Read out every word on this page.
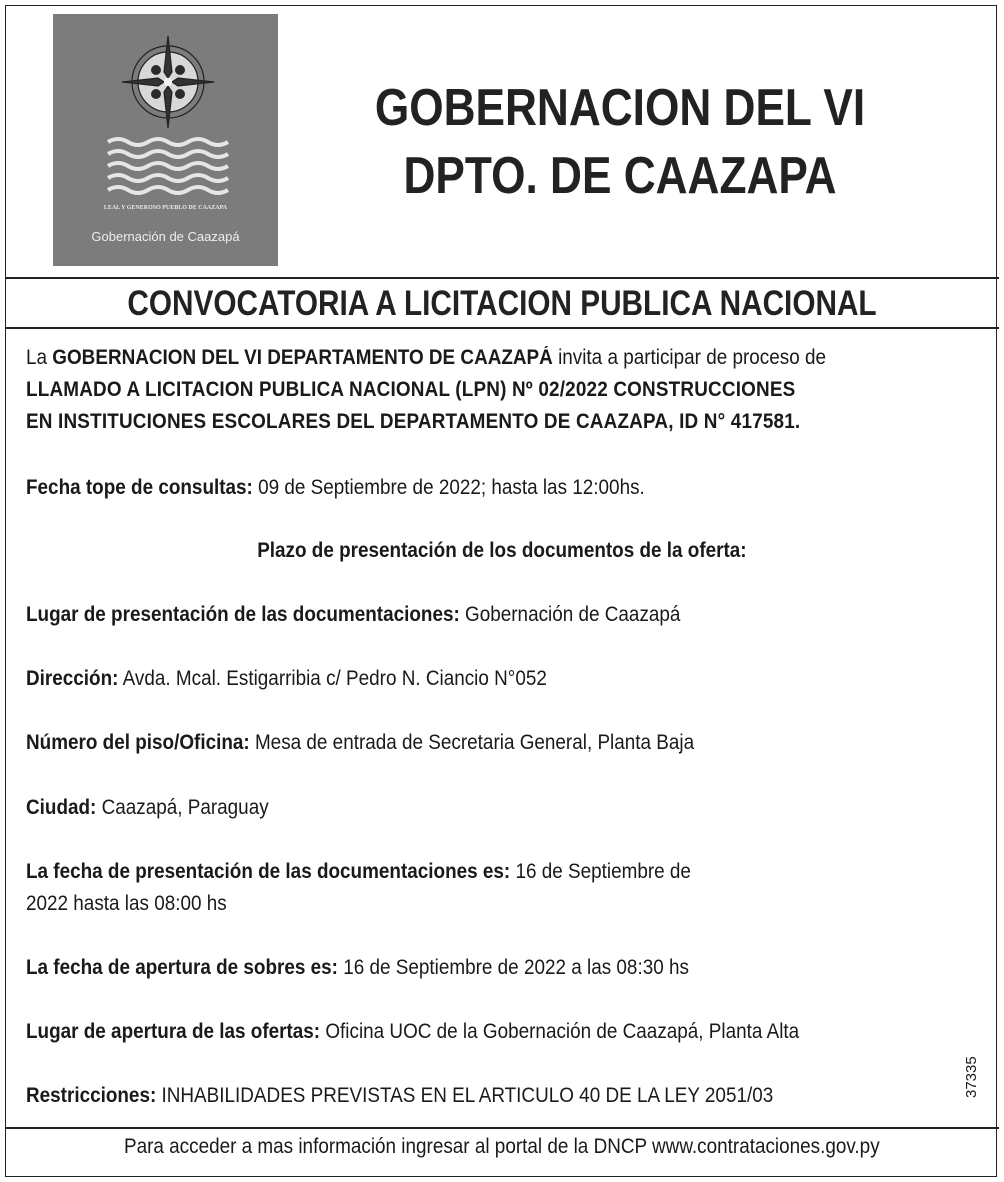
LEAL Y GENEROSO PUEBLO DE CAAZAPA
Gobernación de Caazapá
GOBERNACION DEL VI
DPTO. DE CAAZAPA
CONVOCATORIA A LICITACION PUBLICA NACIONAL
La GOBERNACION DEL VI DEPARTAMENTO DE CAAZAPÁ invita a participar de proceso de
LLAMADO A LICITACION PUBLICA NACIONAL (LPN) Nº 02/2022 CONSTRUCCIONES
EN INSTITUCIONES ESCOLARES DEL DEPARTAMENTO DE CAAZAPA, ID N° 417581.
Fecha tope de consultas: 09 de Septiembre de 2022; hasta las 12:00hs.
Plazo de presentación de los documentos de la oferta:
Lugar de presentación de las documentaciones: Gobernación de Caazapá
Dirección: Avda. Mcal. Estigarribia c/ Pedro N. Ciancio N°052
Número del piso/Oficina: Mesa de entrada de Secretaria General, Planta Baja
Ciudad: Caazapá, Paraguay
La fecha de presentación de las documentaciones es: 16 de Septiembre de
2022 hasta las 08:00 hs
La fecha de apertura de sobres es: 16 de Septiembre de 2022 a las 08:30 hs
Lugar de apertura de las ofertas: Oficina UOC de la Gobernación de Caazapá, Planta Alta
Restricciones: INHABILIDADES PREVISTAS EN EL ARTICULO 40 DE LA LEY 2051/03	37335
Para acceder a mas información ingresar al portal de la DNCP www.contrataciones.gov.py
